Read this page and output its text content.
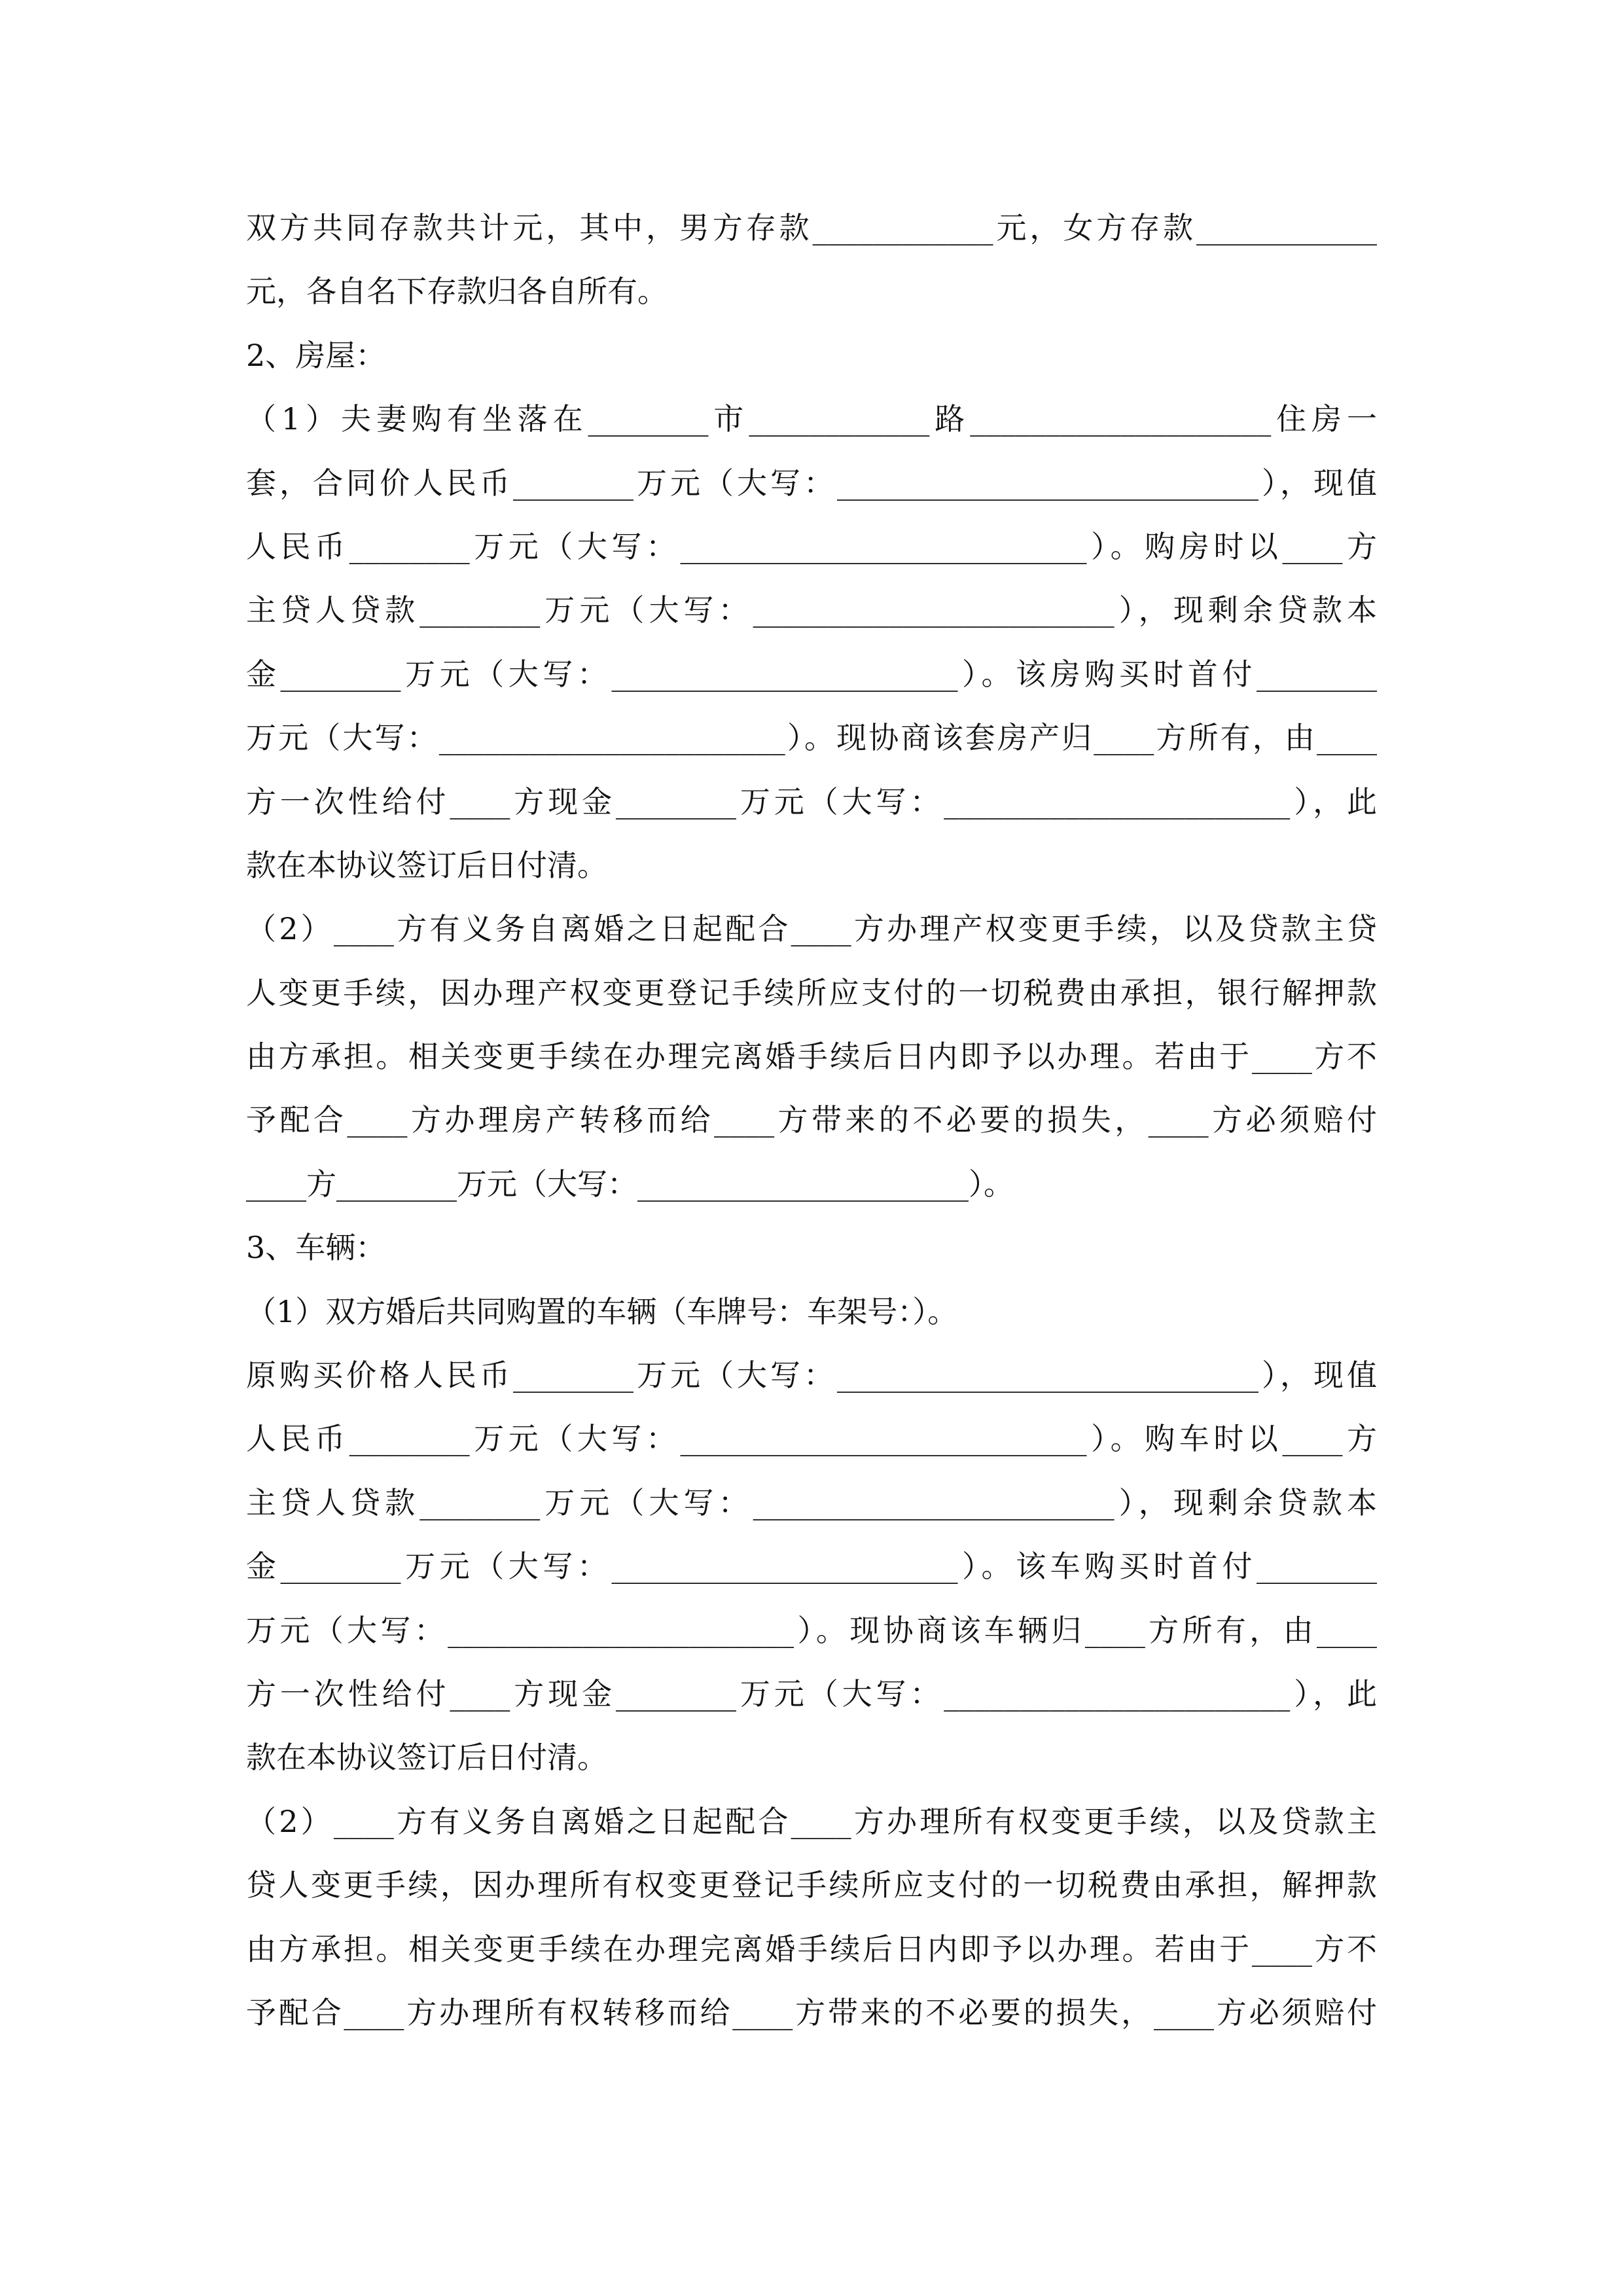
双方共同存款共计元，其中，男方存款____________元，女方存款____________
元，各自名下存款归各自所有。
2、房屋：
（1）夫妻购有坐落在________市____________路____________________住房一
套，合同价人民币________万元（大写：____________________________），现值
人民币________万元（大写：___________________________）。购房时以____方
主贷人贷款________万元（大写：________________________），现剩余贷款本
金________万元（大写：_______________________）。该房购买时首付________
万元（大写：_______________________）。现协商该套房产归____方所有，由____
方一次性给付____方现金________万元（大写：_______________________），此
款在本协议签订后日付清。
（2）____方有义务自离婚之日起配合____方办理产权变更手续，以及贷款主贷
人变更手续，因办理产权变更登记手续所应支付的一切税费由承担，银行解押款
由方承担。相关变更手续在办理完离婚手续后日内即予以办理。若由于____方不
予配合____方办理房产转移而给____方带来的不必要的损失，____方必须赔付
____方________万元（大写：______________________）。
3、车辆：
（1）双方婚后共同购置的车辆（车牌号：车架号：）。
原购买价格人民币________万元（大写：____________________________），现值
人民币________万元（大写：___________________________）。购车时以____方
主贷人贷款________万元（大写：________________________），现剩余贷款本
金________万元（大写：_______________________）。该车购买时首付________
万元（大写：_______________________）。现协商该车辆归____方所有，由____
方一次性给付____方现金________万元（大写：_______________________），此
款在本协议签订后日付清。
（2）____方有义务自离婚之日起配合____方办理所有权变更手续，以及贷款主
贷人变更手续，因办理所有权变更登记手续所应支付的一切税费由承担，解押款
由方承担。相关变更手续在办理完离婚手续后日内即予以办理。若由于____方不
予配合____方办理所有权转移而给____方带来的不必要的损失，____方必须赔付
